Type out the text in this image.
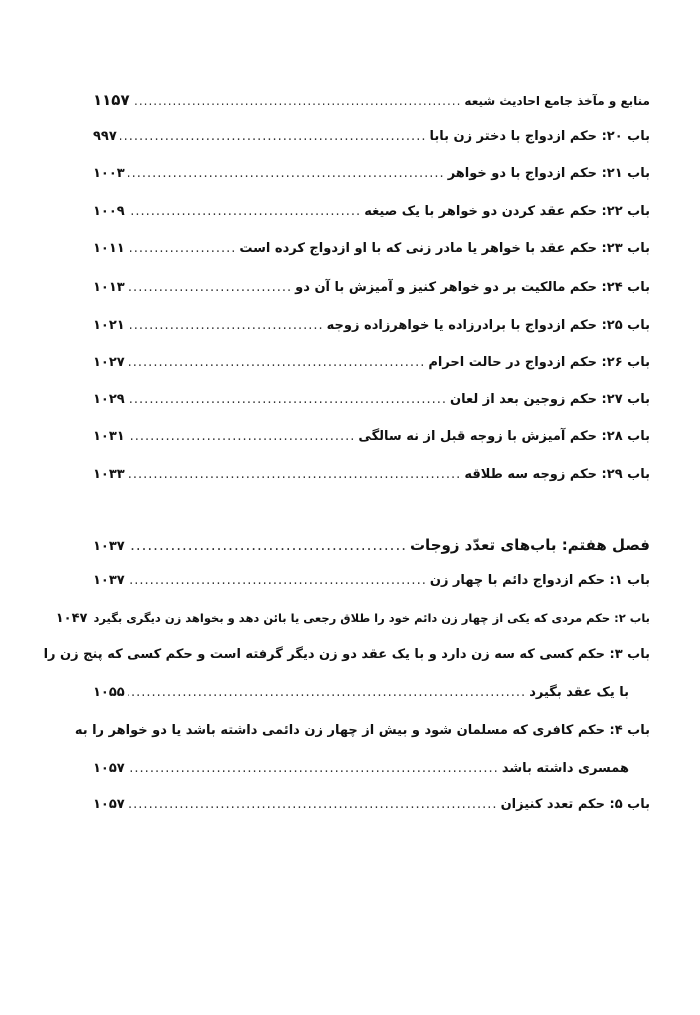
منابع و مآخذ جامع احادیث شیعه
.....
۱۱۵۷
باب ۲۰: حکم ازدواج با دختر زن بابا
.....
۹۹۷
باب ۲۱: حکم ازدواج با دو خواهر
.....
۱۰۰۳
باب ۲۲: حکم عقد کردن دو خواهر با یک صیغه
.....
۱۰۰۹
باب ۲۳: حکم عقد با خواهر یا مادر زنی که با او ازدواج کرده است
.....
۱۰۱۱
باب ۲۴: حکم مالکیت بر دو خواهر کنیز و آمیزش با آن دو
.....
۱۰۱۳
باب ۲۵: حکم ازدواج با برادرزاده یا خواهرزاده زوجه
.....
۱۰۲۱
باب ۲۶: حکم ازدواج در حالت احرام
.....
۱۰۲۷
باب ۲۷: حکم زوجین بعد از لعان
.....
۱۰۲۹
باب ۲۸: حکم آمیزش با زوجه قبل از نه سالگی
.....
۱۰۳۱
باب ۲۹: حکم زوجه سه طلاقه
.....
۱۰۳۳
فصل هفتم: باب‌های تعدّد زوجات
.....
۱۰۳۷
باب ۱: حکم ازدواج دائم با چهار زن
.....
۱۰۳۷
باب ۲: حکم مردی که یکی از چهار زن دائم خود را طلاق رجعی یا بائن دهد و بخواهد زن دیگری بگیرد
۱۰۴۷
باب ۳: حکم کسی که سه زن دارد و با یک عقد دو زن دیگر گرفته است و حکم کسی که پنج زن را
با یک عقد بگیرد
.....
۱۰۵۵
باب ۴: حکم کافری که مسلمان شود و بیش از چهار زن دائمی داشته باشد یا دو خواهر را به
همسری داشته باشد
.....
۱۰۵۷
باب ۵: حکم تعدد کنیزان
.....
۱۰۵۷
